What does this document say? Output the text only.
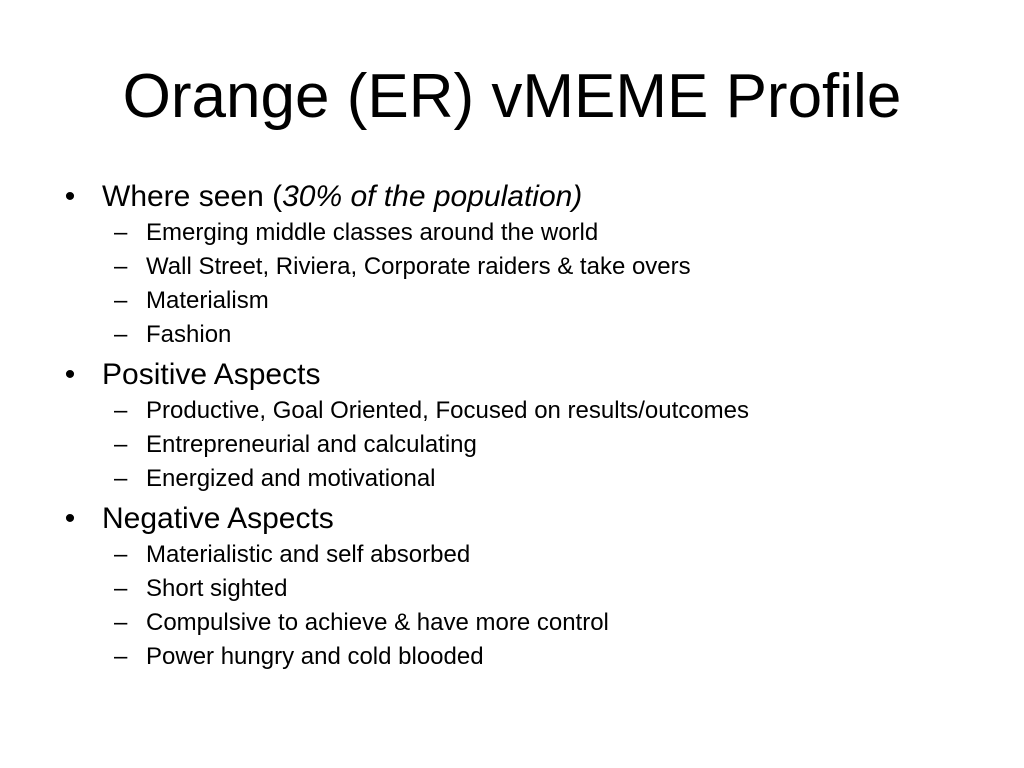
Orange (ER) vMEME Profile
• Where seen (30% of the population)
– Emerging middle classes around the world
– Wall Street, Riviera, Corporate raiders & take overs
– Materialism
– Fashion
• Positive Aspects
– Productive, Goal Oriented, Focused on results/outcomes
– Entrepreneurial and calculating
– Energized and motivational
• Negative Aspects
– Materialistic and self absorbed
– Short sighted
– Compulsive to achieve & have more control
– Power hungry and cold blooded
